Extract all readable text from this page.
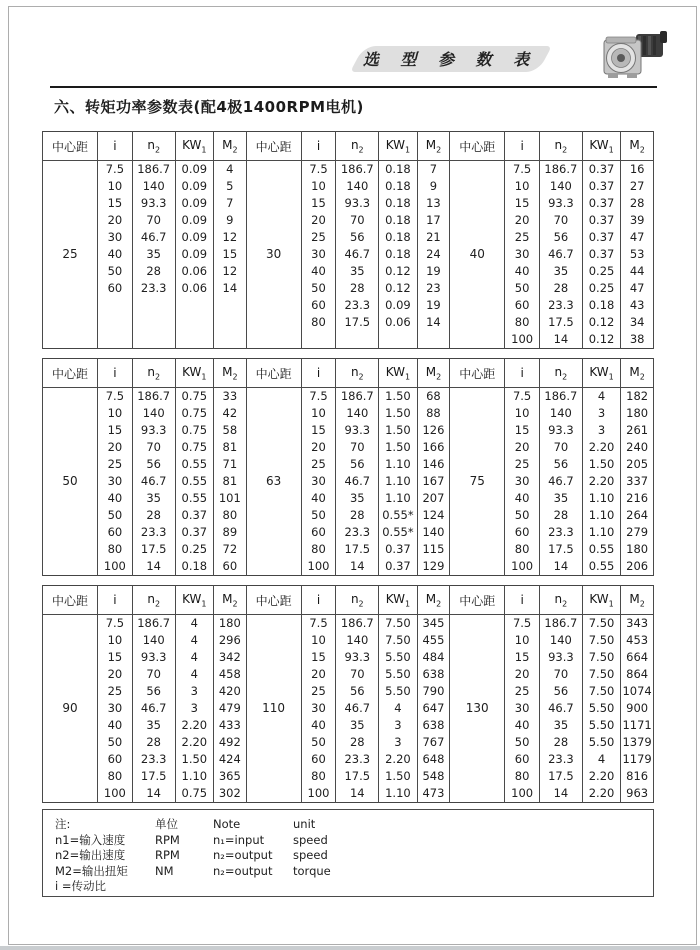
选 型 参 数 表
六、转矩功率参数表(配4极1400RPM电机)
中心距	i	$n_2$	$KW_1$	$M_2$	中心距	i	$n_2$	$KW_1$	$M_2$	中心距	i	$n_2$	$KW_1$	$M_2$
25	7.5	186.7	0.09	4	30	7.5	186.7	0.18	7	40	7.5	186.7	0.37	16
	10	140	0.09	5		10	140	0.18	9		10	140	0.37	27
	15	93.3	0.09	7		15	93.3	0.18	13		15	93.3	0.37	28
	20	70	0.09	9		20	70	0.18	17		20	70	0.37	39
	30	46.7	0.09	12		25	56	0.18	21		25	56	0.37	47
	40	35	0.09	15		30	46.7	0.18	24		30	46.7	0.37	53
	50	28	0.06	12		40	35	0.12	19		40	35	0.25	44
	60	23.3	0.06	14		50	28	0.12	23		50	28	0.25	47
						60	23.3	0.09	19		60	23.3	0.18	43
						80	17.5	0.06	14		80	17.5	0.12	34
											100	14	0.12	38
中心距	i	$n_2$	$KW_1$	$M_2$	中心距	i	$n_2$	$KW_1$	$M_2$	中心距	i	$n_2$	$KW_1$	$M_2$
50	7.5	186.7	0.75	33	63	7.5	186.7	1.50	68	75	7.5	186.7	4	182
	10	140	0.75	42		10	140	1.50	88		10	140	3	180
	15	93.3	0.75	58		15	93.3	1.50	126		15	93.3	3	261
	20	70	0.75	81		20	70	1.50	166		20	70	2.20	240
	25	56	0.55	71		25	56	1.10	146		25	56	1.50	205
	30	46.7	0.55	81		30	46.7	1.10	167		30	46.7	2.20	337
	40	35	0.55	101		40	35	1.10	207		40	35	1.10	216
	50	28	0.37	80		50	28	0.55*	124		50	28	1.10	264
	60	23.3	0.37	89		60	23.3	0.55*	140		60	23.3	1.10	279
	80	17.5	0.25	72		80	17.5	0.37	115		80	17.5	0.55	180
	100	14	0.18	60		100	14	0.37	129		100	14	0.55	206
中心距	i	$n_2$	$KW_1$	$M_2$	中心距	i	$n_2$	$KW_1$	$M_2$	中心距	i	$n_2$	$KW_1$	$M_2$
90	7.5	186.7	4	180	110	7.5	186.7	7.50	345	130	7.5	186.7	7.50	343
	10	140	4	296		10	140	7.50	455		10	140	7.50	453
	15	93.3	4	342		15	93.3	5.50	484		15	93.3	7.50	664
	20	70	4	458		20	70	5.50	638		20	70	7.50	864
	25	56	3	420		25	56	5.50	790		25	56	7.50	1074
	30	46.7	3	479		30	46.7	4	647		30	46.7	5.50	900
	40	35	2.20	433		40	35	3	638		40	35	5.50	1171
	50	28	2.20	492		50	28	3	767		50	28	5.50	1379
	60	23.3	1.50	424		60	23.3	2.20	648		60	23.3	4	1179
	80	17.5	1.10	365		80	17.5	1.50	548		80	17.5	2.20	816
	100	14	0.75	302		100	14	1.10	473		100	14	2.20	963
注:	单位	Note	unit
n1=输入速度	RPM	n₁=input	speed
n2=输出速度	RPM	n₂=output	speed
M2=输出扭矩	NM	n₂=output	torque
i =传动比
